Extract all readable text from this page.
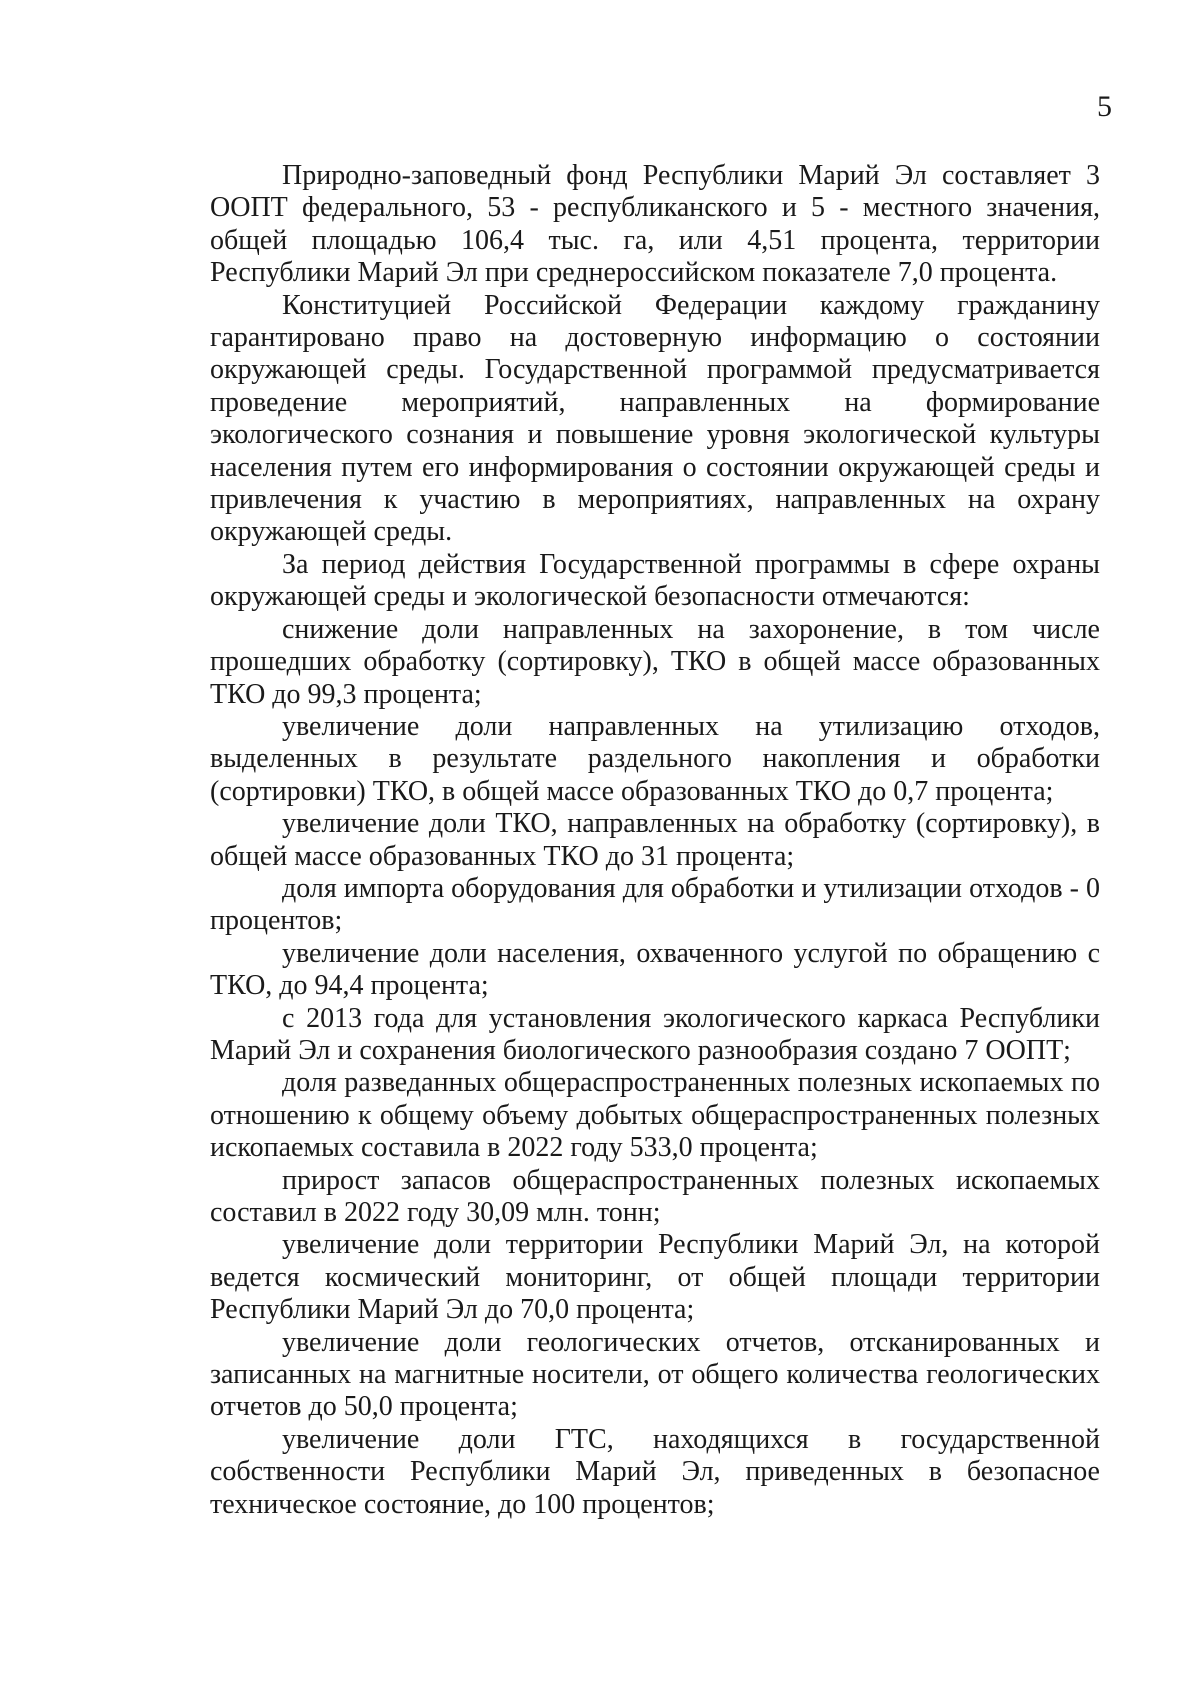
5

Природно-заповедный фонд Республики Марий Эл составляет 3 ООПТ федерального, 53 - республиканского и 5 - местного значения, общей площадью 106,4 тыс. га, или 4,51 процента, территории Республики Марий Эл при среднероссийском показателе 7,0 процента.

Конституцией Российской Федерации каждому гражданину гарантировано право на достоверную информацию о состоянии окружающей среды. Государственной программой предусматривается проведение мероприятий, направленных на формирование экологического сознания и повышение уровня экологической культуры населения путем его информирования о состоянии окружающей среды и привлечения к участию в мероприятиях, направленных на охрану окружающей среды.

За период действия Государственной программы в сфере охраны окружающей среды и экологической безопасности отмечаются:

снижение доли направленных на захоронение, в том числе прошедших обработку (сортировку), ТКО в общей массе образованных ТКО до 99,3 процента;

увеличение доли направленных на утилизацию отходов, выделенных в результате раздельного накопления и обработки (сортировки) ТКО, в общей массе образованных ТКО до 0,7 процента;

увеличение доли ТКО, направленных на обработку (сортировку), в общей массе образованных ТКО до 31 процента;

доля импорта оборудования для обработки и утилизации отходов - 0 процентов;

увеличение доли населения, охваченного услугой по обращению с ТКО, до 94,4 процента;

с 2013 года для установления экологического каркаса Республики Марий Эл и сохранения биологического разнообразия создано 7 ООПТ;

доля разведанных общераспространенных полезных ископаемых по отношению к общему объему добытых общераспространенных полезных ископаемых составила в 2022 году 533,0 процента;

прирост запасов общераспространенных полезных ископаемых составил в 2022 году 30,09 млн. тонн;

увеличение доли территории Республики Марий Эл, на которой ведется космический мониторинг, от общей площади территории Республики Марий Эл до 70,0 процента;

увеличение доли геологических отчетов, отсканированных и записанных на магнитные носители, от общего количества геологических отчетов до 50,0 процента;

увеличение доли ГТС, находящихся в государственной собственности Республики Марий Эл, приведенных в безопасное техническое состояние, до 100 процентов;
